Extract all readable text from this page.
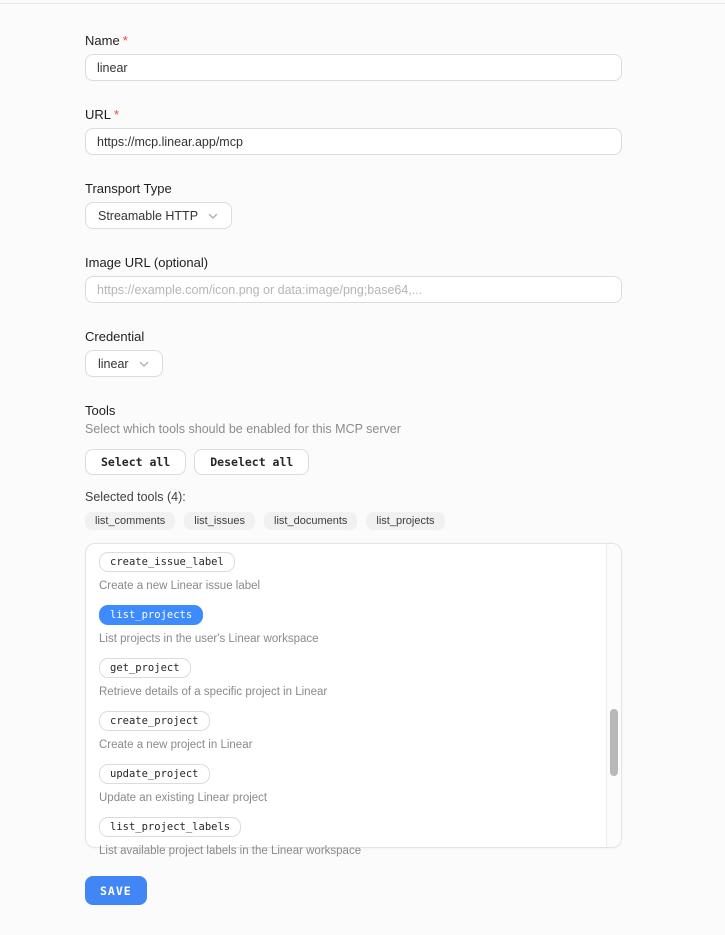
Name *
linear
URL *
https://mcp.linear.app/mcp
Transport Type
Streamable HTTP
Image URL (optional)
https://example.com/icon.png or data:image/png;base64,...
Credential
linear
Tools
Select which tools should be enabled for this MCP server
Select all	Deselect all
Selected tools (4):
list_comments	list_issues	list_documents	list_projects
create_issue_label
Create a new Linear issue label
list_projects
List projects in the user's Linear workspace
get_project
Retrieve details of a specific project in Linear
create_project
Create a new project in Linear
update_project
Update an existing Linear project
list_project_labels
List available project labels in the Linear workspace
SAVE
